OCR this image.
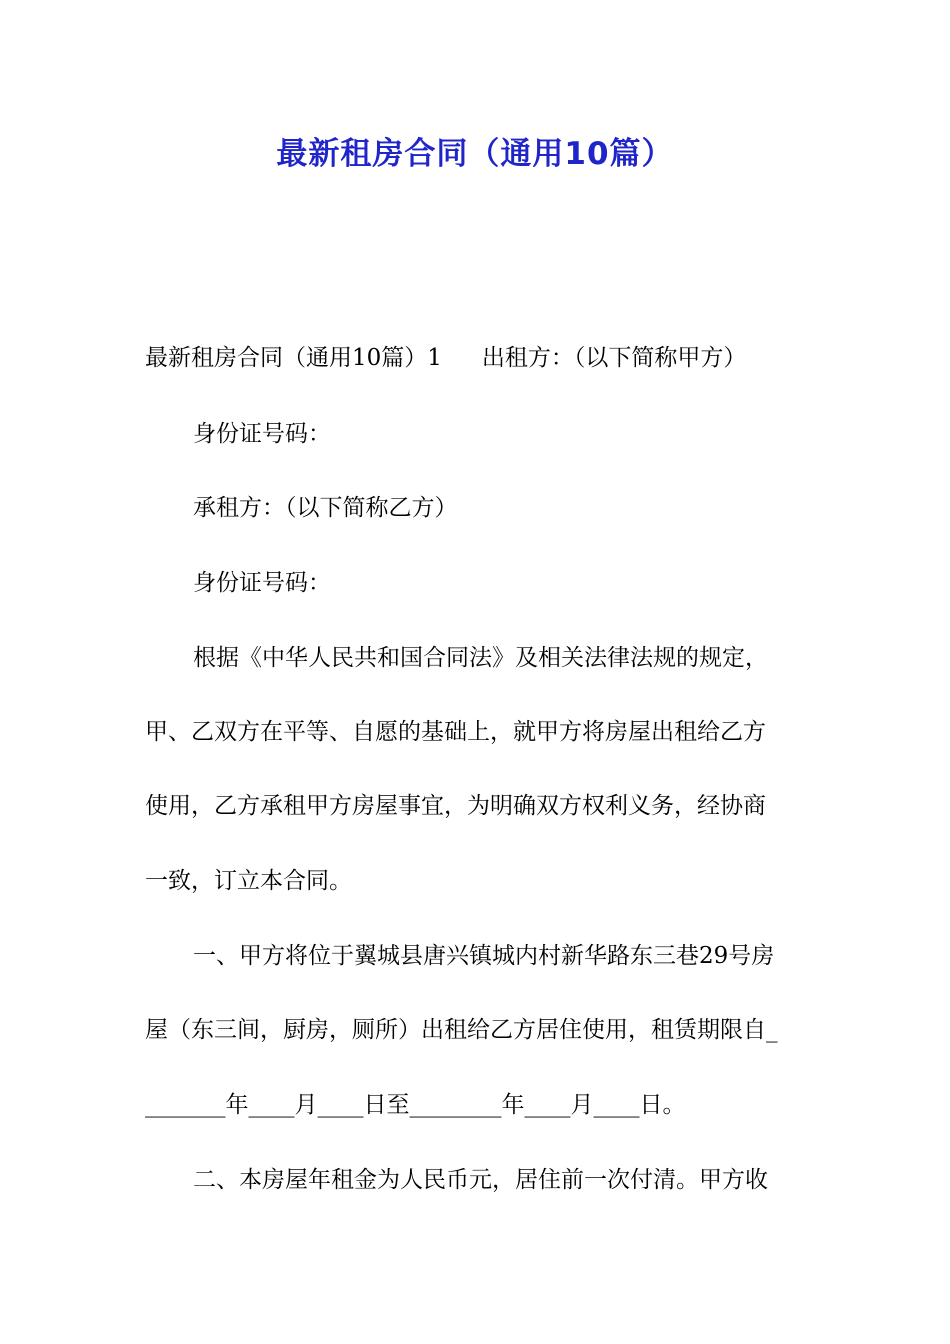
最新租房合同（通用10篇）

最新租房合同（通用10篇）1 出租方：（以下简称甲方）

身份证号码：

承租方：（以下简称乙方）

身份证号码：

根据《中华人民共和国合同法》及相关法律法规的规定，

甲、乙双方在平等、自愿的基础上，就甲方将房屋出租给乙方

使用，乙方承租甲方房屋事宜，为明确双方权利义务，经协商

一致，订立本合同。

一、甲方将位于翼城县唐兴镇城内村新华路东三巷29号房

屋（东三间，厨房，厕所）出租给乙方居住使用，租赁期限自_

_______年____月____日至________年____月____日。

二、本房屋年租金为人民币元，居住前一次付清。甲方收
